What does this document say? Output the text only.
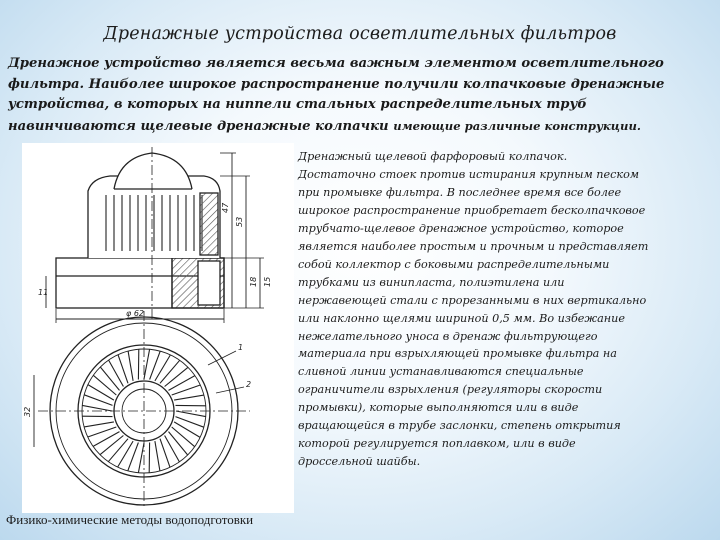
Дренажные устройства осветлительных фильтров
Дренажное устройство является весьма важным элементом осветлительного фильтра. Наиболее широкое распространение получили колпачковые дренажные устройства, в которых на ниппели стальных распределительных труб навинчиваются щелевые дренажные колпачки имеющие различные конструкции.
11
47
53
18 15
φ 62
1
2
32
Дренажный щелевой фарфоровый колпачок.
Достаточно стоек против истирания крупным песком
при промывке фильтра. В последнее время все более
широкое распространение приобретает бесколпачковое
трубчато-щелевое дренажное устройство, которое
является наиболее простым и прочным и представляет
собой коллектор с боковыми распределительными
трубками из винипласта, полиэтилена или
нержавеющей стали с прорезанными в них вертикально
или наклонно щелями шириной 0,5 мм. Во избежание
нежелательного уноса в дренаж фильтрующего
материала при взрыхляющей промывке фильтра на
сливной линии устанавливаются специальные
ограничители взрыхления (регуляторы скорости
промывки), которые выполняются или в виде
вращающейся в трубе заслонки, степень открытия
которой регулируется поплавком, или в виде
дроссельной шайбы.
Физико-химические методы водоподготовки
